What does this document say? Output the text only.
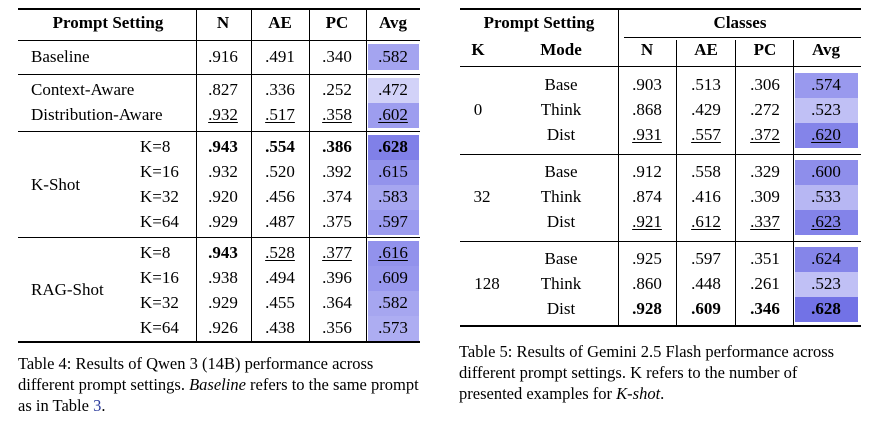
Prompt Setting	N AE PC Avg
Baseline	.916 .491 .340 .582
Context-Aware	.827 .336 .252 .472
Distribution-Aware	.932 .517 .358 .602
K-Shot
K=8 .943 .554 .386 .628
K=16 .932 .520 .392 .615
K=32 .920 .456 .374 .583
K=64 .929 .487 .375 .597
RAG-Shot
K=8 .943 .528 .377 .616
K=16 .938 .494 .396 .609
K=32 .929 .455 .364 .582
K=64 .926 .438 .356 .573
Table 4: Results of Qwen 3 (14B) performance across different prompt settings. Baseline refers to the same prompt as in Table 3.
Prompt Setting	Classes
K	Mode	N AE PC Avg
0
Base	.903 .513 .306 .574
Think	.868 .429 .272 .523
Dist	.931 .557 .372 .620
32
Base	.912 .558 .329 .600
Think	.874 .416 .309 .533
Dist	.921 .612 .337 .623
128
Base	.925 .597 .351 .624
Think	.860 .448 .261 .523
Dist	.928 .609 .346 .628
Table 5: Results of Gemini 2.5 Flash performance across different prompt settings. K refers to the number of presented examples for K-shot.
